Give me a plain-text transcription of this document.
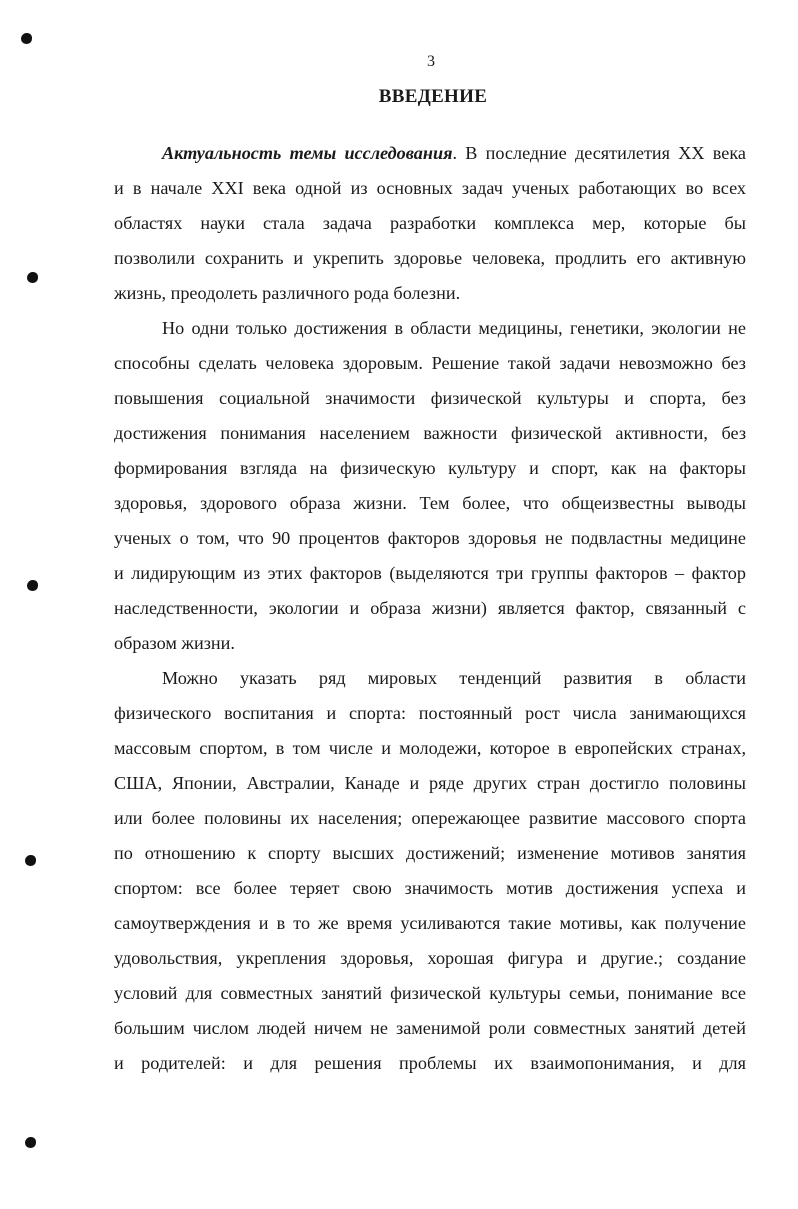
3
ВВЕДЕНИЕ
Актуальность темы исследования. В последние десятилетия XX века
и в начале XXI века одной из основных задач ученых работающих во всех
областях науки стала задача разработки комплекса мер, которые бы
позволили сохранить и укрепить здоровье человека, продлить его активную
жизнь, преодолеть различного рода болезни.
Но одни только достижения в области медицины, генетики, экологии не
способны сделать человека здоровым. Решение такой задачи невозможно без
повышения социальной значимости физической культуры и спорта, без
достижения понимания населением важности физической активности, без
формирования взгляда на физическую культуру и спорт, как на факторы
здоровья, здорового образа жизни. Тем более, что общеизвестны выводы
ученых о том, что 90 процентов факторов здоровья не подвластны медицине
и лидирующим из этих факторов (выделяются три группы факторов – фактор
наследственности, экологии и образа жизни) является фактор, связанный с
образом жизни.
Можно указать ряд мировых тенденций развития в области
физического воспитания и спорта: постоянный рост числа занимающихся
массовым спортом, в том числе и молодежи, которое в европейских странах,
США, Японии, Австралии, Канаде и ряде других стран достигло половины
или более половины их населения; опережающее развитие массового спорта
по отношению к спорту высших достижений; изменение мотивов занятия
спортом: все более теряет свою значимость мотив достижения успеха и
самоутверждения и в то же время усиливаются такие мотивы, как получение
удовольствия, укрепления здоровья, хорошая фигура и другие.; создание
условий для совместных занятий физической культуры семьи, понимание все
большим числом людей ничем не заменимой роли совместных занятий детей
и родителей: и для решения проблемы их взаимопонимания, и для
